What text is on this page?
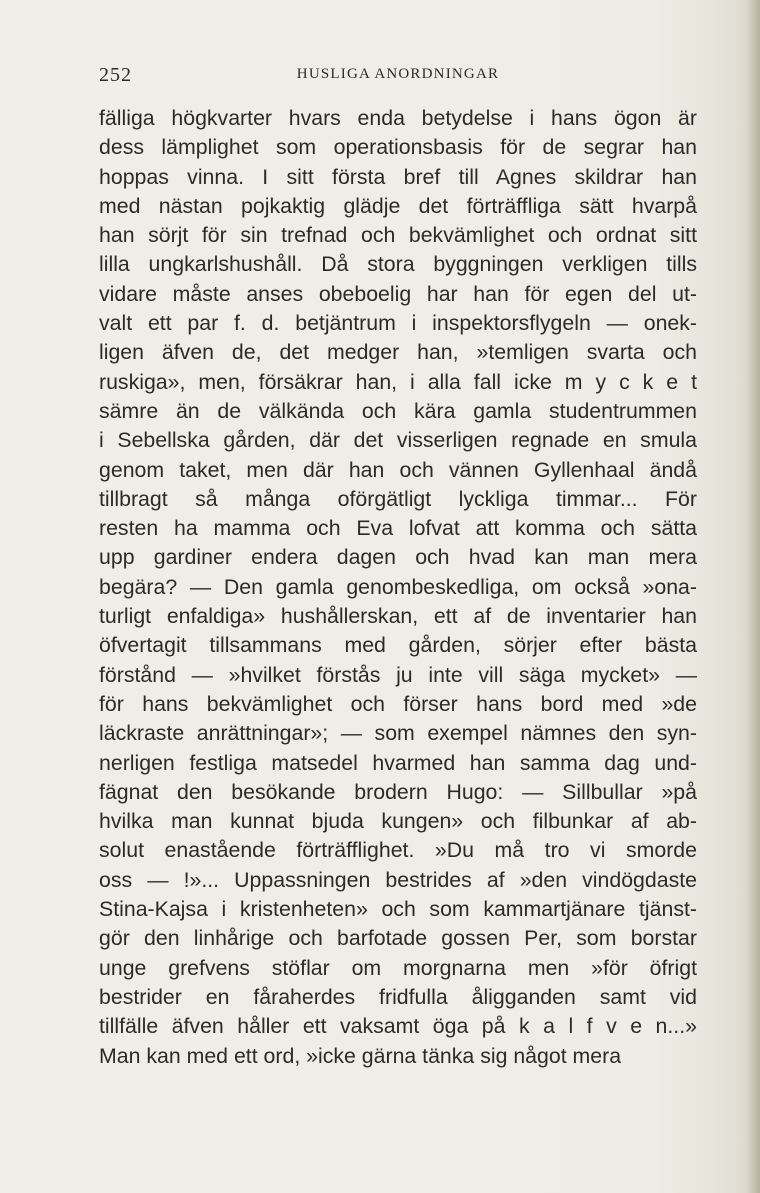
252	HUSLIGA ANORDNINGAR
fälliga högkvarter hvars enda betydelse i hans ögon är
dess lämplighet som operationsbasis för de segrar han
hoppas vinna. I sitt första bref till Agnes skildrar han
med nästan pojkaktig glädje det förträffliga sätt hvarpå
han sörjt för sin trefnad och bekvämlighet och ordnat sitt
lilla ungkarlshushåll. Då stora byggningen verkligen tills
vidare måste anses obeboelig har han för egen del ut-
valt ett par f. d. betjäntrum i inspektorsflygeln — onek-
ligen äfven de, det medger han, »temligen svarta och
ruskiga», men, försäkrar han, i alla fall icke m y c k e t
sämre än de välkända och kära gamla studentrummen
i Sebellska gården, där det visserligen regnade en smula
genom taket, men där han och vännen Gyllenhaal ändå
tillbragt så många oförgätligt lyckliga timmar... För
resten ha mamma och Eva lofvat att komma och sätta
upp gardiner endera dagen och hvad kan man mera
begära? — Den gamla genombeskedliga, om också »ona-
turligt enfaldiga» hushållerskan, ett af de inventarier han
öfvertagit tillsammans med gården, sörjer efter bästa
förstånd — »hvilket förstås ju inte vill säga mycket» —
för hans bekvämlighet och förser hans bord med »de
läckraste anrättningar»; — som exempel nämnes den syn-
nerligen festliga matsedel hvarmed han samma dag und-
fägnat den besökande brodern Hugo: — Sillbullar »på
hvilka man kunnat bjuda kungen» och filbunkar af ab-
solut enastående förträfflighet. »Du må tro vi smorde
oss — !»... Uppassningen bestrides af »den vindögdaste
Stina-Kajsa i kristenheten» och som kammartjänare tjänst-
gör den linhårige och barfotade gossen Per, som borstar
unge grefvens stöflar om morgnarna men »för öfrigt
bestrider en fåraherdes fridfulla åligganden samt vid
tillfälle äfven håller ett vaksamt öga på k a l f v e n...»
Man kan med ett ord, »icke gärna tänka sig något mera
